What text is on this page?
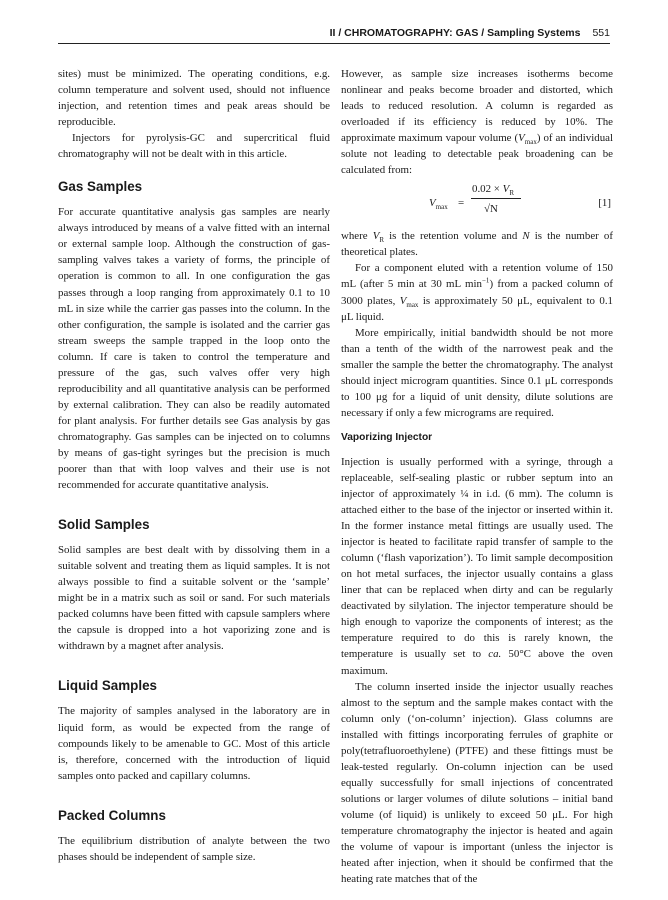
II / CHROMATOGRAPHY: GAS / Sampling Systems 551

sites) must be minimized. The operating conditions, e.g. column temperature and solvent used, should not influence injection, and retention times and peak areas should be reproducible.

Injectors for pyrolysis-GC and supercritical fluid chromatography will not be dealt with in this article.

Gas Samples

For accurate quantitative analysis gas samples are nearly always introduced by means of a valve fitted with an internal or external sample loop. Although the construction of gas-sampling valves takes a variety of forms, the principle of operation is common to all. In one configuration the gas passes through a loop ranging from approximately 0.1 to 10 mL in size while the carrier gas passes into the column. In the other configuration, the sample is isolated and the carrier gas stream sweeps the sample trapped in the loop onto the column. If care is taken to control the temperature and pressure of the gas, such valves offer very high reproducibility and all quantitative analysis can be performed by external calibration. They can also be readily automated for plant analysis. For further details see Gas analysis by gas chromatography. Gas samples can be injected on to columns by means of gas-tight syringes but the precision is much poorer than that with loop valves and their use is not recommended for accurate quantitative analysis.

Solid Samples

Solid samples are best dealt with by dissolving them in a suitable solvent and treating them as liquid samples. It is not always possible to find a suitable solvent or the ‘sample’ might be in a matrix such as soil or sand. For such materials packed columns have been fitted with capsule samplers where the capsule is dropped into a hot vaporizing zone and is withdrawn by a magnet after analysis.

Liquid Samples

The majority of samples analysed in the laboratory are in liquid form, as would be expected from the range of compounds likely to be amenable to GC. Most of this article is, therefore, concerned with the introduction of liquid samples onto packed and capillary columns.

Packed Columns

The equilibrium distribution of analyte between the two phases should be independent of sample size.

However, as sample size increases isotherms become nonlinear and peaks become broader and distorted, which leads to reduced resolution. A column is regarded as overloaded if its efficiency is reduced by 10%. The approximate maximum vapour volume $(V_{max})$ of an individual solute not leading to detectable peak broadening can be calculated from:

$V_{max}$ =
$0.02 \times V_R$
√N	[1]

where $V_R$ is the retention volume and N is the number of theoretical plates.

For a component eluted with a retention volume of 150 mL (after 5 min at 30 mL $\min^{-1}$) from a packed column of 3000 plates, $V_{max}$ is approximately 50 μL, equivalent to 0.1 μL liquid.

More empirically, initial bandwidth should be not more than a tenth of the width of the narrowest peak and the smaller the sample the better the chromatography. The analyst should inject microgram quantities. Since 0.1 μL corresponds to 100 μg for a liquid of unit density, dilute solutions are necessary if only a few micrograms are required.

Vaporizing Injector

Injection is usually performed with a syringe, through a replaceable, self-sealing plastic or rubber septum into an injector of approximately ¼ in i.d. (6 mm). The column is attached either to the base of the injector or inserted within it. In the former instance metal fittings are usually used. The injector is heated to facilitate rapid transfer of sample to the column (‘flash vaporization’). To limit sample decomposition on hot metal surfaces, the injector usually contains a glass liner that can be replaced when dirty and can be regularly deactivated by silylation. The injector temperature should be high enough to vaporize the components of interest; as the temperature required to do this is rarely known, the temperature is usually set to ca. 50°C above the oven maximum.

The column inserted inside the injector usually reaches almost to the septum and the sample makes contact with the column only (‘on-column’ injection). Glass columns are installed with fittings incorporating ferrules of graphite or poly(tetrafluoroethylene) (PTFE) and these fittings must be leak-tested regularly. On-column injection can be used equally successfully for small injections of concentrated solutions or larger volumes of dilute solutions – initial band volume (of liquid) is unlikely to exceed 50 μL. For high temperature chromatography the injector is heated and again the volume of vapour is important (unless the injector is heated after injection, when it should be confirmed that the heating rate matches that of the
